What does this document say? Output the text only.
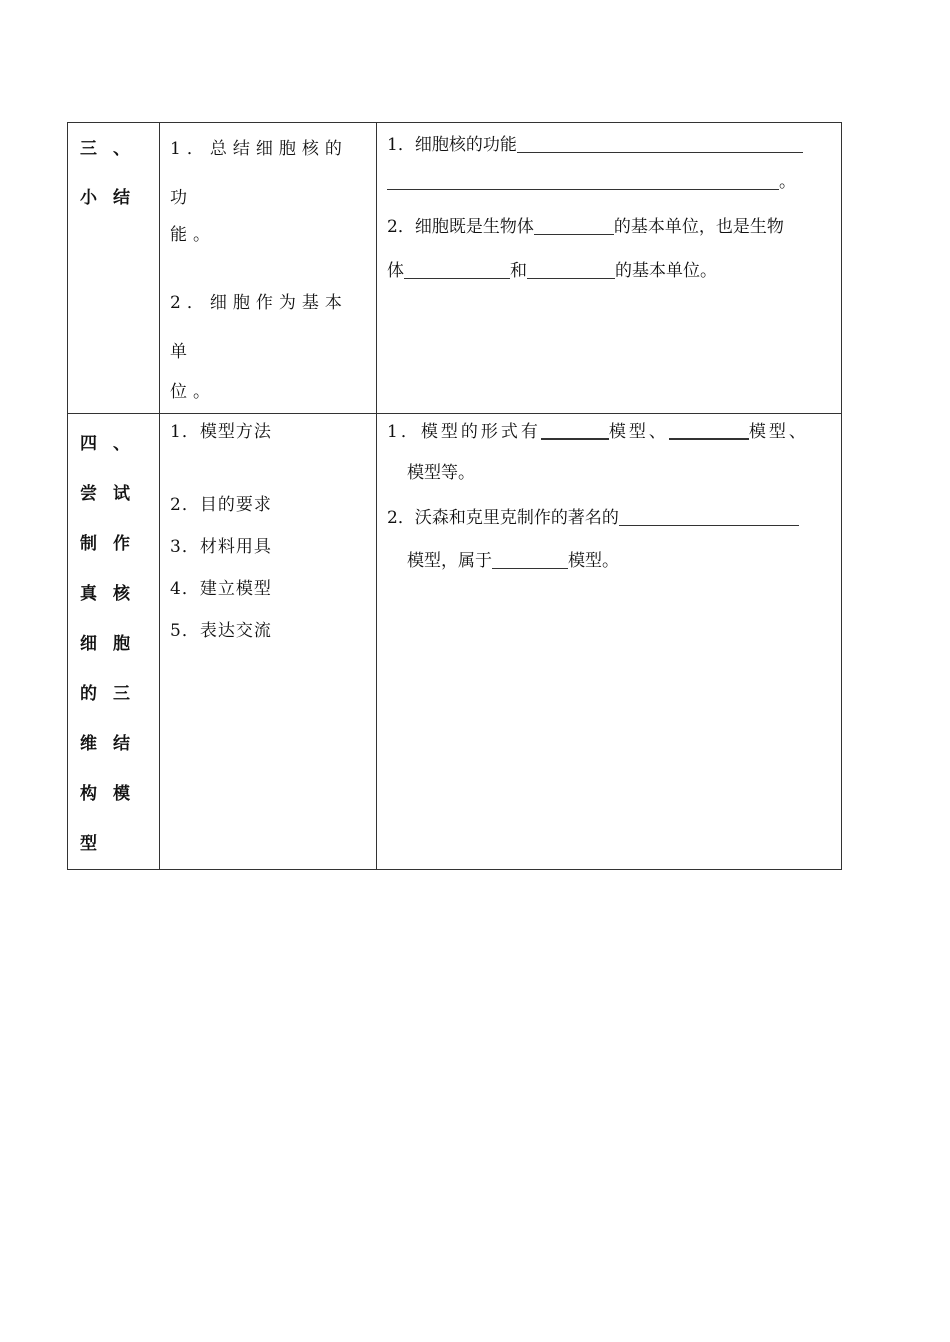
三、小结	1．总结细胞核的功
能。
2．细胞作为基本单
位。	1．细胞核的功能
。
2．细胞既是生物体 的基本单位，也是生物
体 和 的基本单位。

四、尝试制作真核细胞的三维结构模型	1．模型方法
2．目的要求
3．材料用具
4．建立模型
5．表达交流	1．模型的形式有 模型、 模型、
模型等。
2．沃森和克里克制作的著名的
模型，属于 模型。
